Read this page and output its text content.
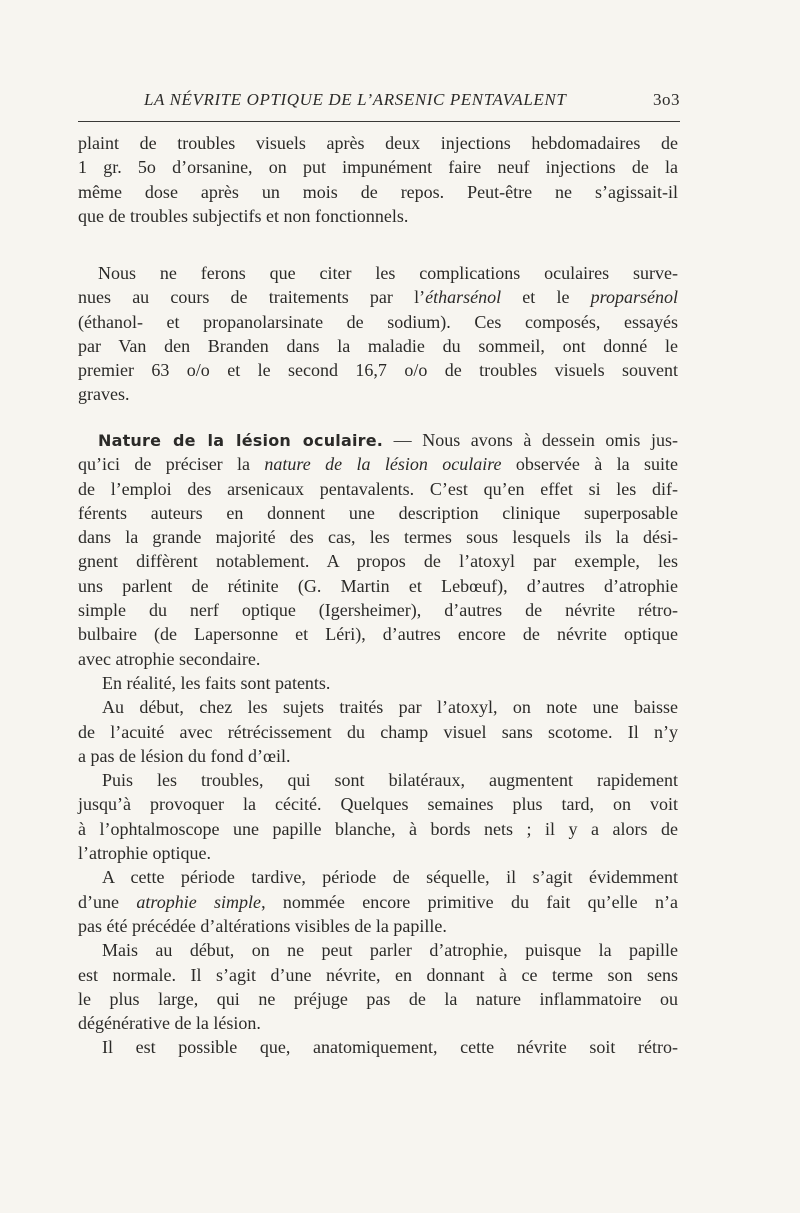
LA NÉVRITE OPTIQUE DE L’ARSENIC PENTAVALENT	3o3
plaint de troubles visuels après deux injections hebdomadaires de
1 gr. 5o d’orsanine, on put impunément faire neuf injections de la
même dose après un mois de repos. Peut-être ne s’agissait-il
que de troubles subjectifs et non fonctionnels.
Nous ne ferons que citer les complications oculaires surve-
nues au cours de traitements par l’étharsénol et le proparsénol
(éthanol- et propanolarsinate de sodium). Ces composés, essayés
par Van den Branden dans la maladie du sommeil, ont donné le
premier 63 o/o et le second 16,7 o/o de troubles visuels souvent
graves.
Nature de la lésion oculaire. — Nous avons à dessein omis jus-
qu’ici de préciser la nature de la lésion oculaire observée à la suite
de l’emploi des arsenicaux pentavalents. C’est qu’en effet si les dif-
férents auteurs en donnent une description clinique superposable
dans la grande majorité des cas, les termes sous lesquels ils la dési-
gnent diffèrent notablement. A propos de l’atoxyl par exemple, les
uns parlent de rétinite (G. Martin et Lebœuf), d’autres d’atrophie
simple du nerf optique (Igersheimer), d’autres de névrite rétro-
bulbaire (de Lapersonne et Léri), d’autres encore de névrite optique
avec atrophie secondaire.
En réalité, les faits sont patents.
Au début, chez les sujets traités par l’atoxyl, on note une baisse
de l’acuité avec rétrécissement du champ visuel sans scotome. Il n’y
a pas de lésion du fond d’œil.
Puis les troubles, qui sont bilatéraux, augmentent rapidement
jusqu’à provoquer la cécité. Quelques semaines plus tard, on voit
à l’ophtalmoscope une papille blanche, à bords nets ; il y a alors de
l’atrophie optique.
A cette période tardive, période de séquelle, il s’agit évidemment
d’une atrophie simple, nommée encore primitive du fait qu’elle n’a
pas été précédée d’altérations visibles de la papille.
Mais au début, on ne peut parler d’atrophie, puisque la papille
est normale. Il s’agit d’une névrite, en donnant à ce terme son sens
le plus large, qui ne préjuge pas de la nature inflammatoire ou
dégénérative de la lésion.
Il est possible que, anatomiquement, cette névrite soit rétro-
